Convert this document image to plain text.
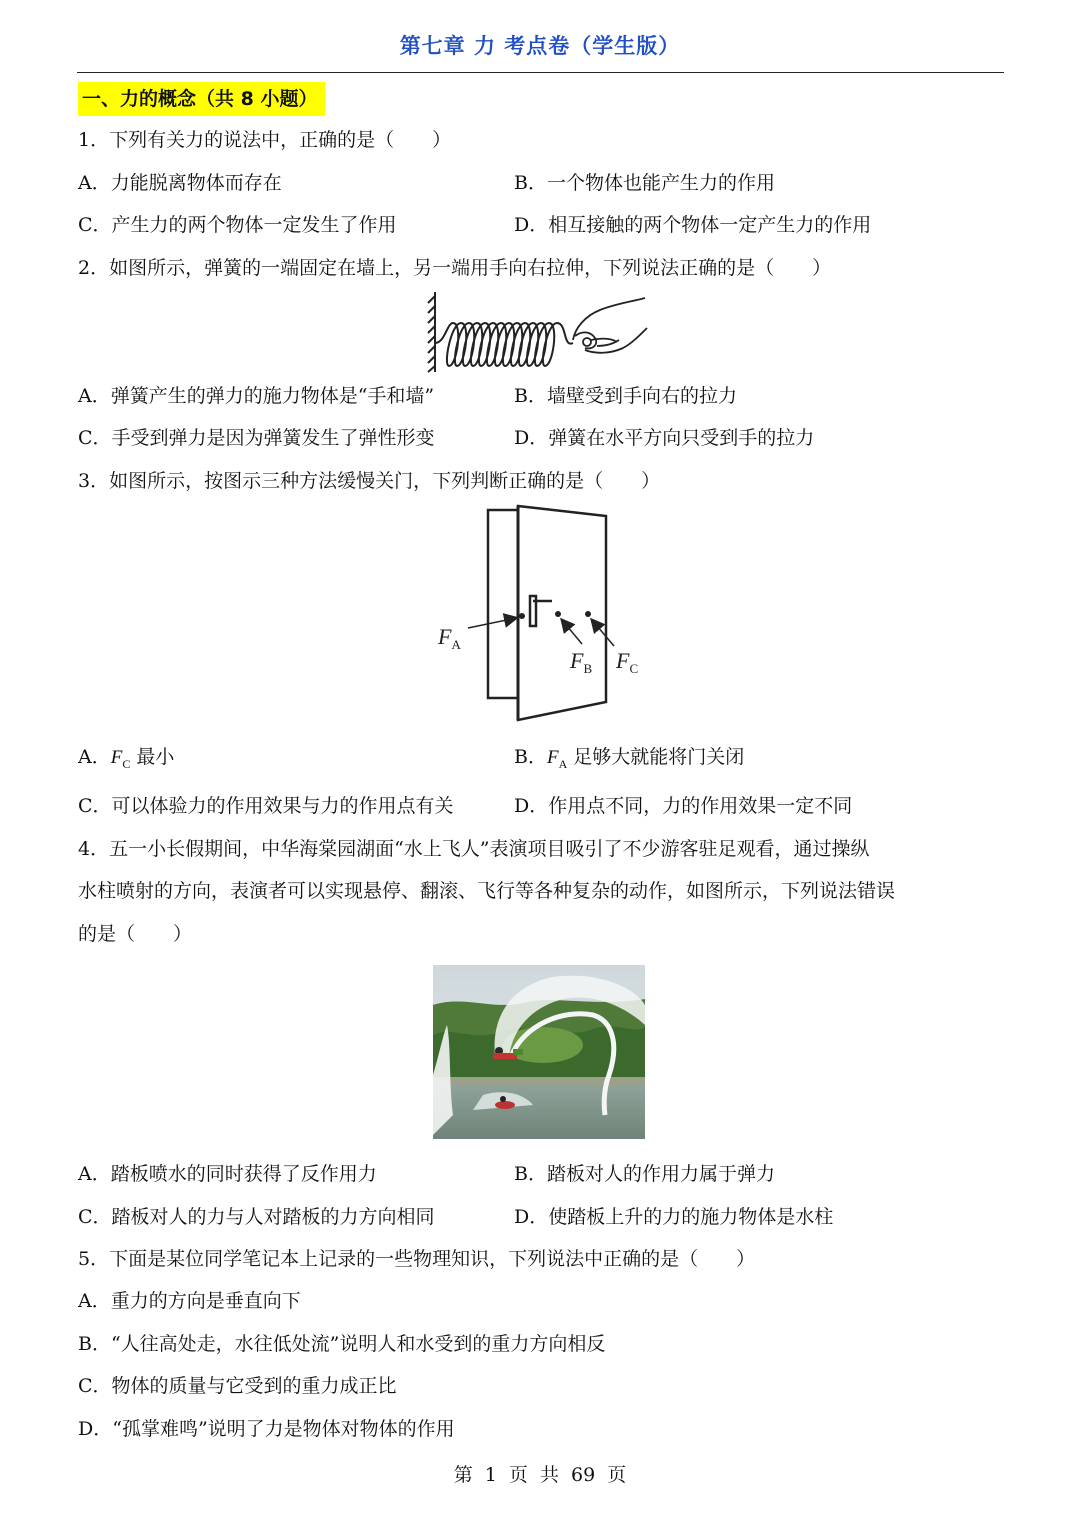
第七章 力 考点卷（学生版）
一、力的概念（共 8 小题）
1．下列有关力的说法中，正确的是（　　）
A．力能脱离物体而存在	B．一个物体也能产生力的作用
C．产生力的两个物体一定发生了作用	D．相互接触的两个物体一定产生力的作用
2．如图所示，弹簧的一端固定在墙上，另一端用手向右拉伸，下列说法正确的是（　　）
A．弹簧产生的弹力的施力物体是“手和墙”	B．墙壁受到手向右的拉力
C．手受到弹力是因为弹簧发生了弹性形变	D．弹簧在水平方向只受到手的拉力
3．如图所示，按图示三种方法缓慢关门，下列判断正确的是（　　）
$F_A$
$F_B$ $F_C$
A．$F_C$ 最小	B．$F_A$ 足够大就能将门关闭
C．可以体验力的作用效果与力的作用点有关	D．作用点不同，力的作用效果一定不同
4．五一小长假期间，中华海棠园湖面“水上飞人”表演项目吸引了不少游客驻足观看，通过操纵
水柱喷射的方向，表演者可以实现悬停、翻滚、飞行等各种复杂的动作，如图所示，下列说法错误
的是（　　）
A．踏板喷水的同时获得了反作用力	B．踏板对人的作用力属于弹力
C．踏板对人的力与人对踏板的力方向相同	D．使踏板上升的力的施力物体是水柱
5．下面是某位同学笔记本上记录的一些物理知识，下列说法中正确的是（　　）
A．重力的方向是垂直向下
B．“人往高处走，水往低处流”说明人和水受到的重力方向相反
C．物体的质量与它受到的重力成正比
D．“孤掌难鸣”说明了力是物体对物体的作用
第 1 页 共 69 页
